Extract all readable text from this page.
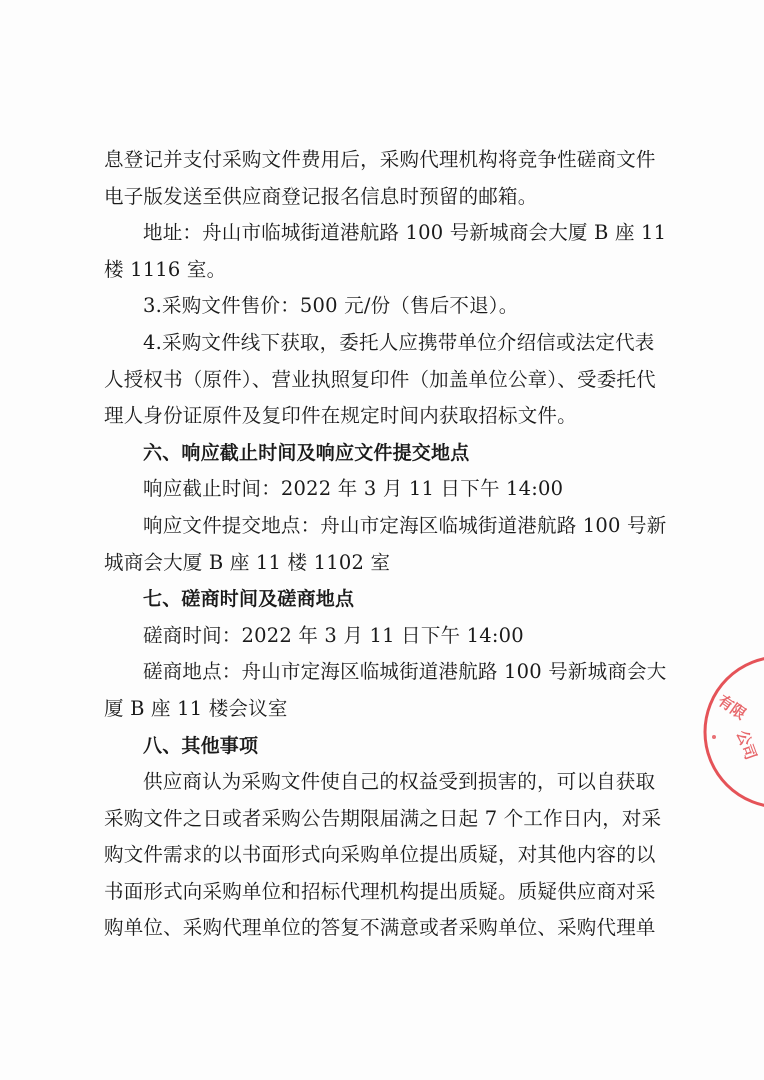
息登记并支付采购文件费用后，采购代理机构将竞争性磋商文件
电子版发送至供应商登记报名信息时预留的邮箱。
地址：舟山市临城街道港航路 100 号新城商会大厦 B 座 11
楼 1116 室。
3.采购文件售价：500 元/份（售后不退）。
4.采购文件线下获取，委托人应携带单位介绍信或法定代表
人授权书（原件）、营业执照复印件（加盖单位公章）、受委托代
理人身份证原件及复印件在规定时间内获取招标文件。
六、响应截止时间及响应文件提交地点
响应截止时间：2022 年 3 月 11 日下午 14:00
响应文件提交地点：舟山市定海区临城街道港航路 100 号新
城商会大厦 B 座 11 楼 1102 室
七、磋商时间及磋商地点
磋商时间：2022 年 3 月 11 日下午 14:00
磋商地点：舟山市定海区临城街道港航路 100 号新城商会大
厦 B 座 11 楼会议室
八、其他事项
供应商认为采购文件使自己的权益受到损害的，可以自获取
采购文件之日或者采购公告期限届满之日起 7 个工作日内，对采
购文件需求的以书面形式向采购单位提出质疑，对其他内容的以
书面形式向采购单位和招标代理机构提出质疑。质疑供应商对采
购单位、采购代理单位的答复不满意或者采购单位、采购代理单
有限
公司
